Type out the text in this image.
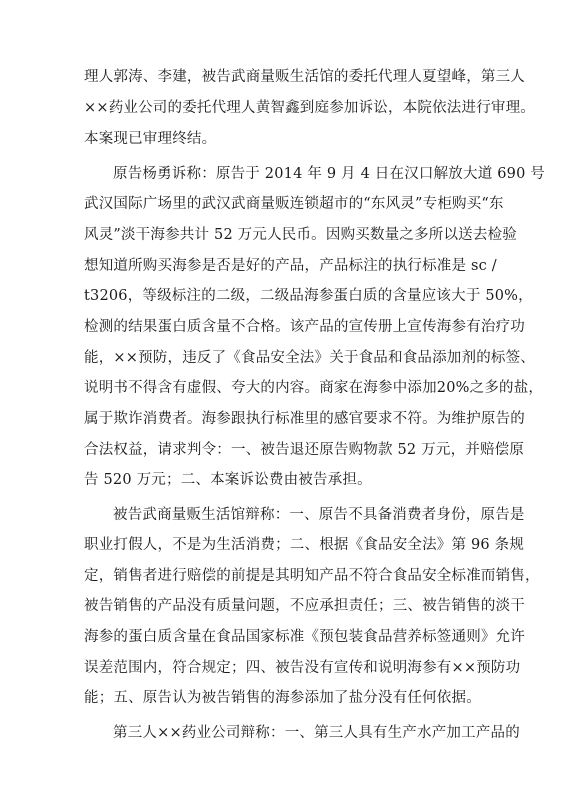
理人郭涛、李建，被告武商量贩生活馆的委托代理人夏望峰，第三人
××药业公司的委托代理人黄智鑫到庭参加诉讼，本院依法进行审理。
本案现已审理终结。
原告杨勇诉称：原告于 2014 年 9 月 4 日在汉口解放大道 690 号
武汉国际广场里的武汉武商量贩连锁超市的“东风灵”专柜购买“东
风灵”淡干海参共计 52 万元人民币。因购买数量之多所以送去检验
想知道所购买海参是否是好的产品，产品标注的执行标准是 sc /
t3206，等级标注的二级，二级品海参蛋白质的含量应该大于 50%，
检测的结果蛋白质含量不合格。该产品的宣传册上宣传海参有治疗功
能，××预防，违反了《食品安全法》关于食品和食品添加剂的标签、
说明书不得含有虚假、夸大的内容。商家在海参中添加20%之多的盐，
属于欺诈消费者。海参跟执行标准里的感官要求不符。为维护原告的
合法权益，请求判令：一、被告退还原告购物款 52 万元，并赔偿原
告 520 万元；二、本案诉讼费由被告承担。
被告武商量贩生活馆辩称：一、原告不具备消费者身份，原告是
职业打假人，不是为生活消费；二、根据《食品安全法》第 96 条规
定，销售者进行赔偿的前提是其明知产品不符合食品安全标准而销售，
被告销售的产品没有质量问题，不应承担责任；三、被告销售的淡干
海参的蛋白质含量在食品国家标准《预包装食品营养标签通则》允许
误差范围内，符合规定；四、被告没有宣传和说明海参有××预防功
能；五、原告认为被告销售的海参添加了盐分没有任何依据。
第三人××药业公司辩称：一、第三人具有生产水产加工产品的
